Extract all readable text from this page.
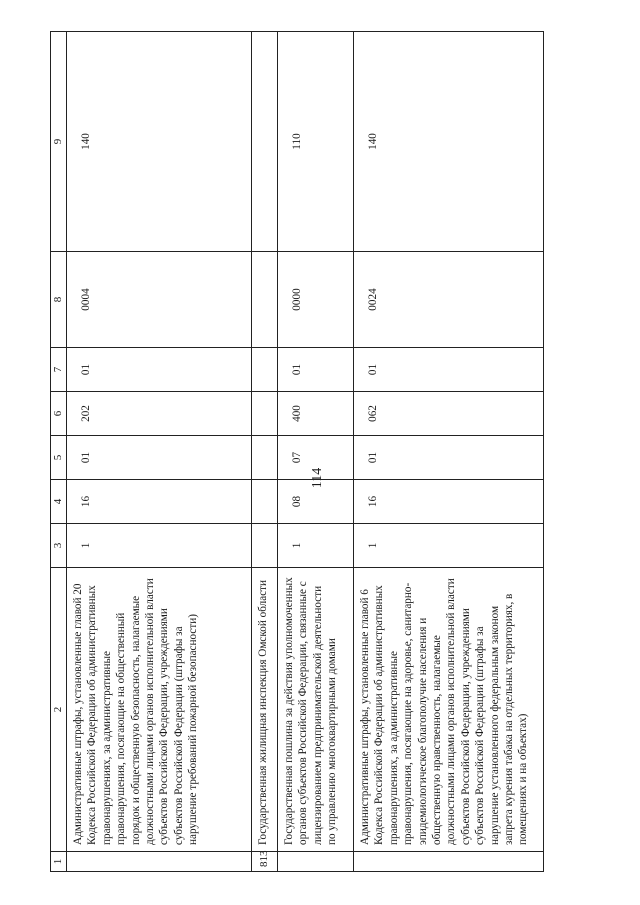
114
1	2	3	4	5	6	7	8	9
	Административные штрафы, установленные главой 20 Кодекса Российской Федерации об административных правонарушениях, за административные правонарушения, посягающие на общественный порядок и общественную безопасность, налагаемые должностными лицами органов исполнительной власти субъектов Российской Федерации, учреждениями субъектов Российской Федерации (штрафы за нарушение требований пожарной безопасности)	1	16	01	202	01	0004	140
813	Государственная жилищная инспекция Омской области							
	Государственная пошлина за действия уполномоченных органов субъектов Российской Федерации, связанные с лицензированием предпринимательской деятельности по управлению многоквартирными домами	1	08	07	400	01	0000	110
	Административные штрафы, установленные главой 6 Кодекса Российской Федерации об административных правонарушениях, за административные правонарушения, посягающие на здоровье, санитарно-эпидемиологическое благополучие населения и общественную нравственность, налагаемые должностными лицами органов исполнительной власти субъектов Российской Федерации, учреждениями субъектов Российской Федерации (штрафы за нарушение установленного федеральным законом запрета курения табака на отдельных территориях, в помещениях и на объектах)	1	16	01	062	01	0024	140
